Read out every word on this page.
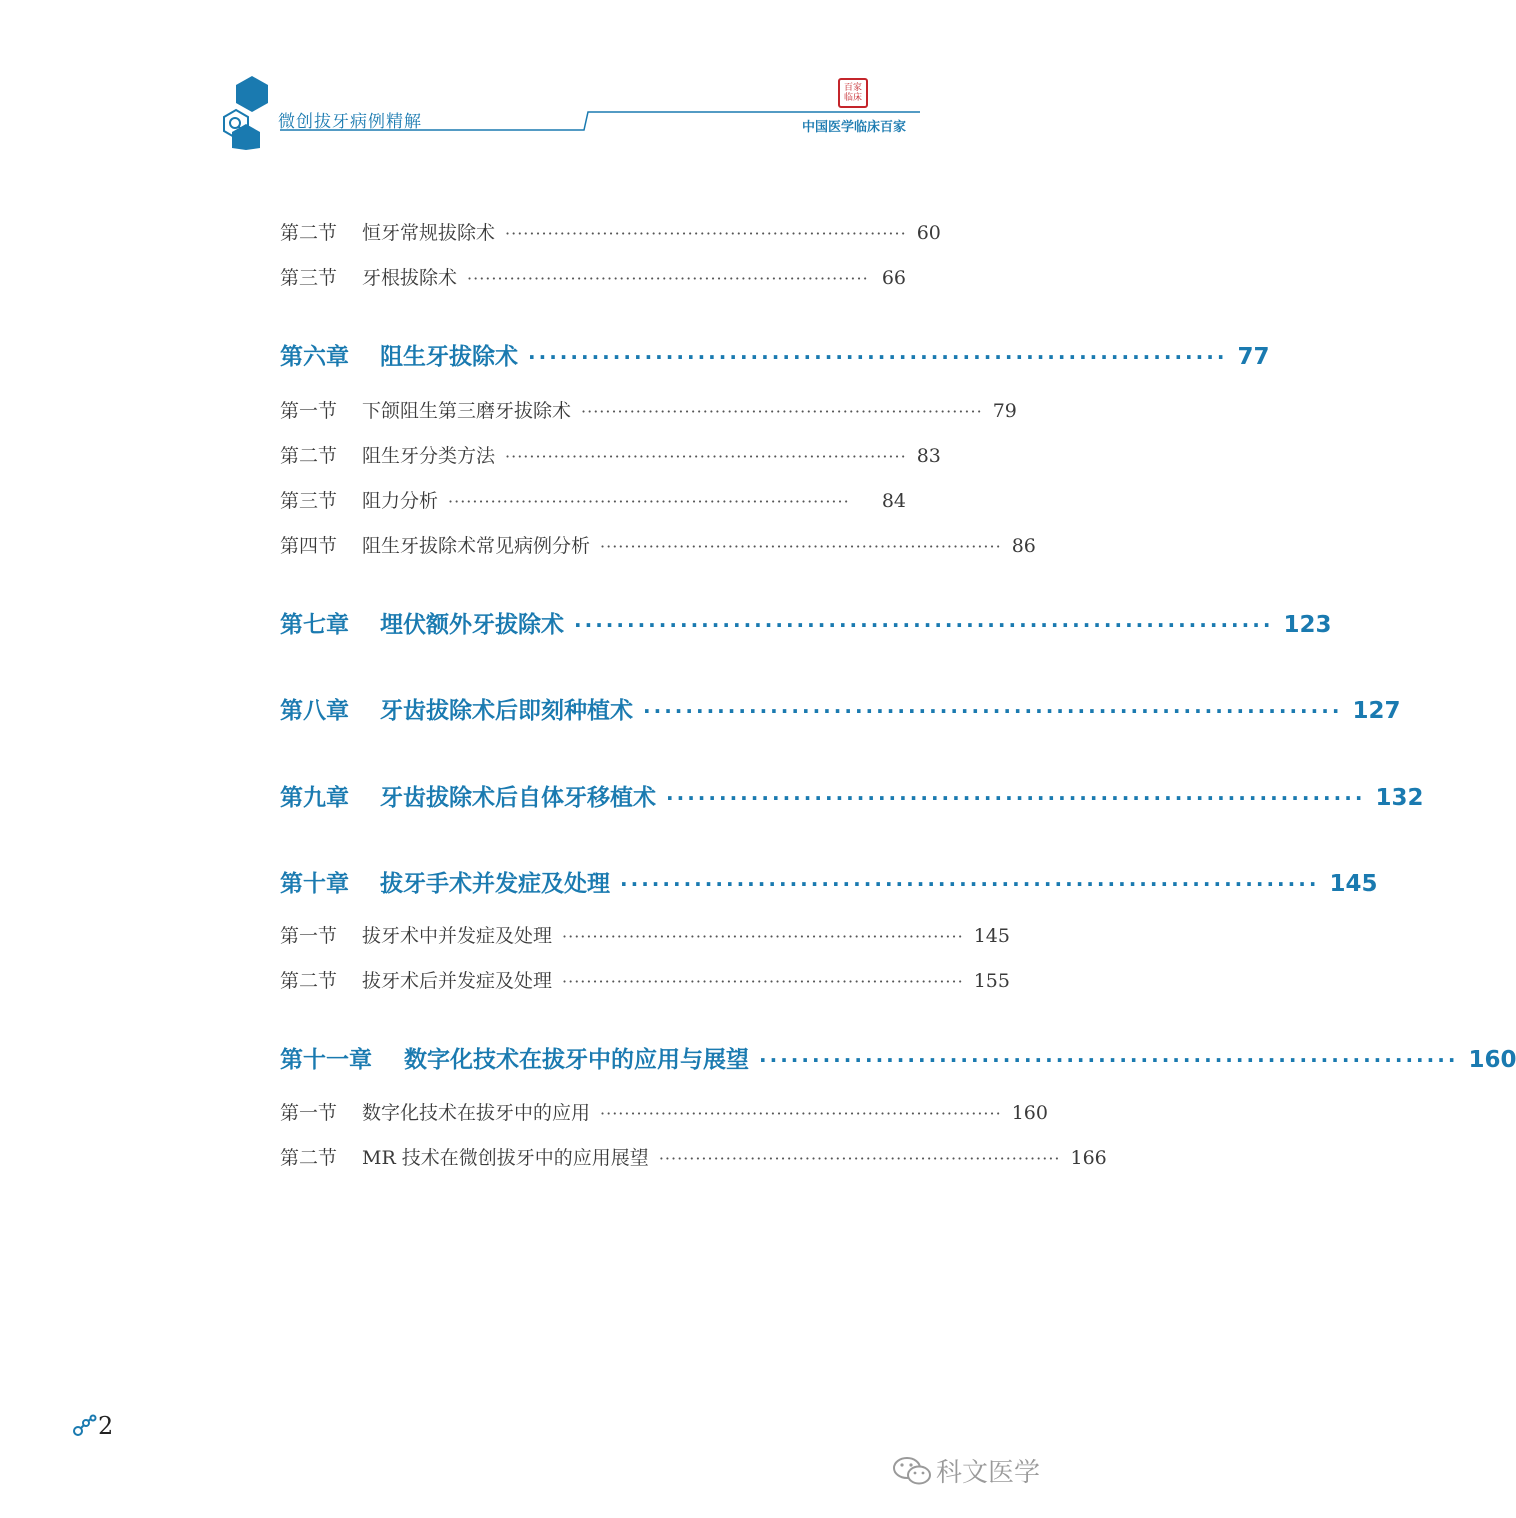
微创拔牙病例精解
百家临床
中国医学临床百家
第二节	恒牙常规拔除术 ·································································· 60
第三节	牙根拔除术 ·································································· 66
第六章	阻生牙拔除术 ·································································· 77
第一节	下颌阻生第三磨牙拔除术 ·································································· 79
第二节	阻生牙分类方法 ·································································· 83
第三节	阻力分析 ··································································	84
第四节	阻生牙拔除术常见病例分析 ·································································· 86
第七章	埋伏额外牙拔除术 ·································································· 123
第八章	牙齿拔除术后即刻种植术 ·································································· 127
第九章	牙齿拔除术后自体牙移植术 ·································································· 132
第十章	拔牙手术并发症及处理 ·································································· 145
第一节	拔牙术中并发症及处理 ·································································· 145
第二节	拔牙术后并发症及处理 ·································································· 155
第十一章	数字化技术在拔牙中的应用与展望 ·································································· 160
第一节	数字化技术在拔牙中的应用 ·································································· 160
第二节	MR 技术在微创拔牙中的应用展望 ·································································· 166
2
科文医学
